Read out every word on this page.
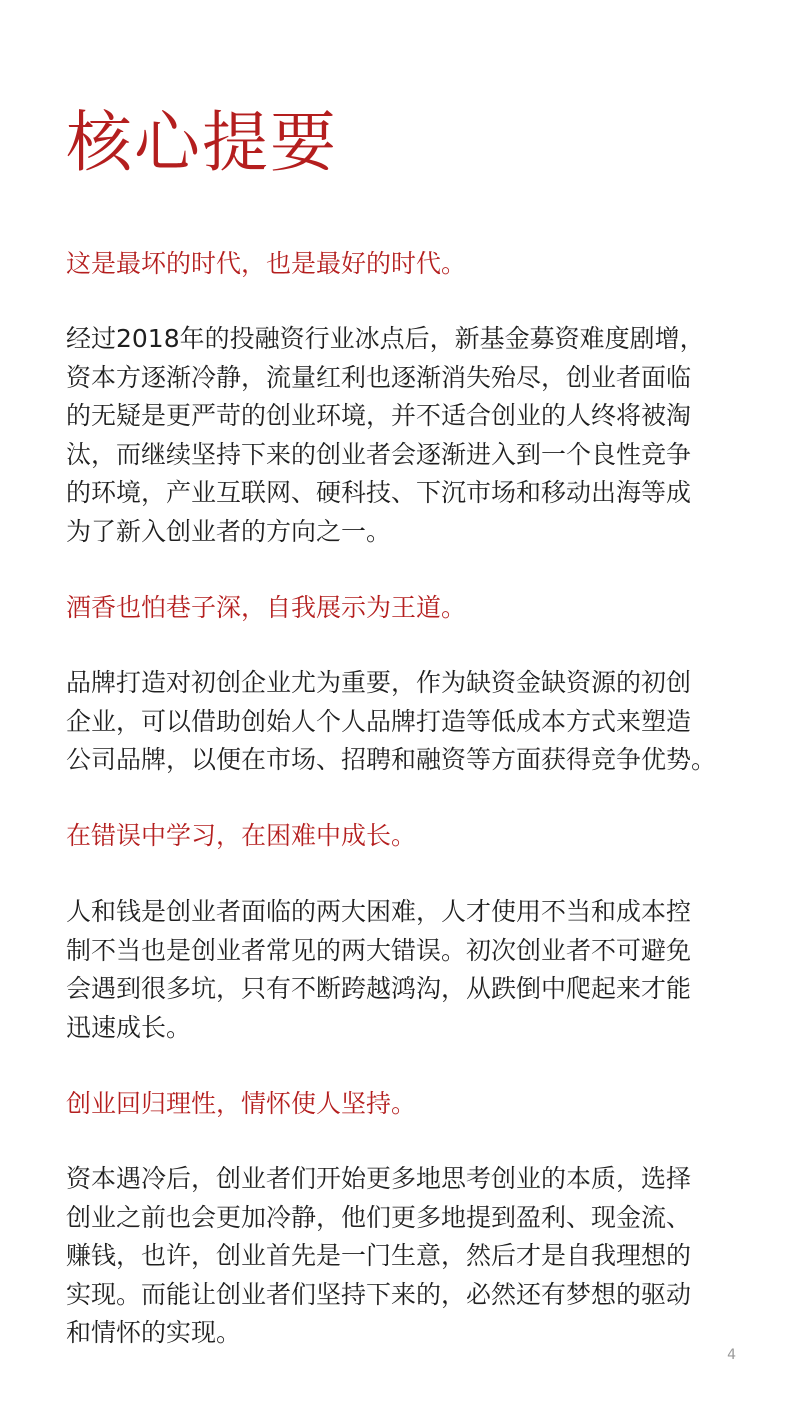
核心提要
这是最坏的时代，也是最好的时代。
经过2018年的投融资行业冰点后，新基金募资难度剧增，
资本方逐渐冷静，流量红利也逐渐消失殆尽，创业者面临
的无疑是更严苛的创业环境，并不适合创业的人终将被淘
汰，而继续坚持下来的创业者会逐渐进入到一个良性竞争
的环境，产业互联网、硬科技、下沉市场和移动出海等成
为了新入创业者的方向之一。
酒香也怕巷子深，自我展示为王道。
品牌打造对初创企业尤为重要，作为缺资金缺资源的初创
企业，可以借助创始人个人品牌打造等低成本方式来塑造
公司品牌，以便在市场、招聘和融资等方面获得竞争优势。
在错误中学习，在困难中成长。
人和钱是创业者面临的两大困难，人才使用不当和成本控
制不当也是创业者常见的两大错误。初次创业者不可避免
会遇到很多坑，只有不断跨越鸿沟，从跌倒中爬起来才能
迅速成长。
创业回归理性，情怀使人坚持。
资本遇冷后，创业者们开始更多地思考创业的本质，选择
创业之前也会更加冷静，他们更多地提到盈利、现金流、
赚钱，也许，创业首先是一门生意，然后才是自我理想的
实现。而能让创业者们坚持下来的，必然还有梦想的驱动
和情怀的实现。
4
